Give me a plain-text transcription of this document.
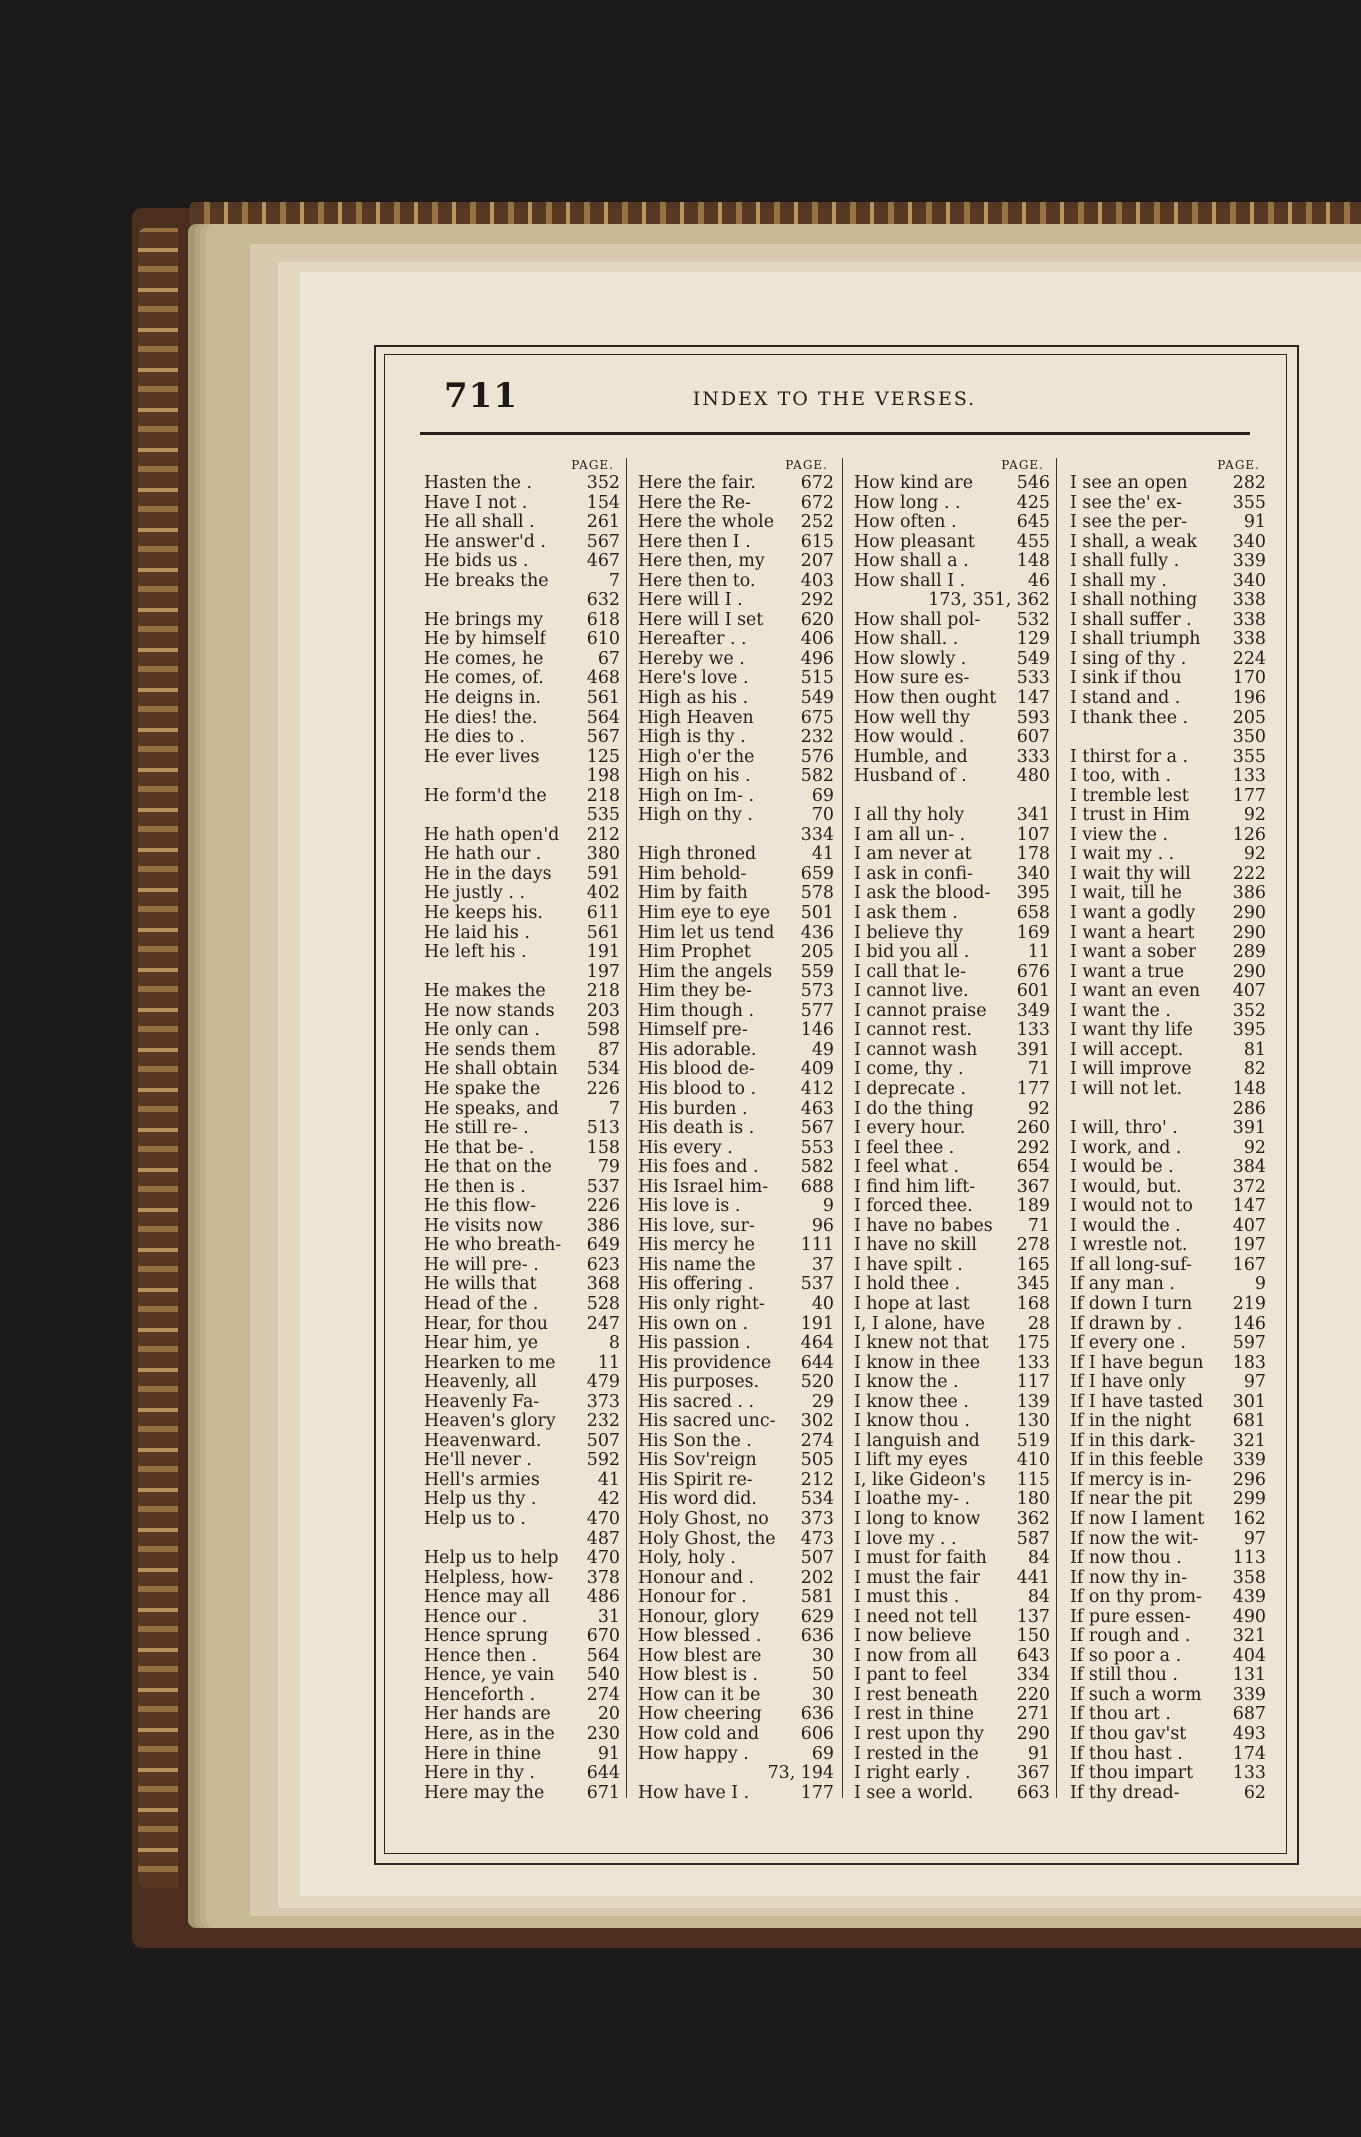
711	INDEX TO THE VERSES.
PAGE.
Hasten the .	352
Have I not .	154
He all shall .	261
He answer'd . 567
He bids us .	467
He breaks the	7
632
He brings my	618
He by himself 610
He comes, he	67
He comes, of. 468
He deigns in.	561
He dies! the.	564
He dies to .	567
He ever lives	125
198
He form'd the 218
535
He hath open'd 212
He hath our .	380
He in the days 591
He justly . .	402
He keeps his.	611
He laid his .	561
He left his .	191
197
He makes the 218
He now stands 203
He only can .	598
He sends them 87
He shall obtain 534
He spake the	226
He speaks, and	7
He still re- .	513
He that be- .	158
He that on the	79
He then is .	537
He this flow-	226
He visits now	386
He who breath- 649
He will pre- .	623
He wills that	368
Head of the .	528
Hear, for thou 247
Hear him, ye	8
Hearken to me 11
Heavenly, all	479
Heavenly Fa-	373
Heaven's glory 232
Heavenward.	507
He'll never .	592
Hell's armies	41
Help us thy .	42
Help us to .	470
487
Help us to help 470
Helpless, how- 378
Hence may all 486
Hence our .	31
Hence sprung 670
Hence then .	564
Hence, ye vain 540
Henceforth .	274
Her hands are	20
Here, as in the 230
Here in thine	91
Here in thy .	644
Here may the 671
PAGE.
Here the fair.	672
Here the Re-	672
Here the whole 252
Here then I .	615
Here then, my 207
Here then to.	403
Here will I .	292
Here will I set 620
Hereafter . .	406
Hereby we .	496
Here's love .	515
High as his .	549
High Heaven	675
High is thy .	232
High o'er the	576
High on his .	582
High on Im- .	69
High on thy .	70
334
High throned	41
Him behold-	659
Him by faith	578
Him eye to eye 501
Him let us tend 436
Him Prophet	205
Him the angels 559
Him they be-	573
Him though .	577
Himself pre-	146
His adorable.	49
His blood de-	409
His blood to .	412
His burden .	463
His death is .	567
His every .	553
His foes and . 582
His Israel him- 688
His love is .	9
His love, sur-	96
His mercy he	111
His name the	37
His offering .	537
His only right-	40
His own on .	191
His passion .	464
His providence 644
His purposes. 520
His sacred . .	29
His sacred unc- 302
His Son the .	274
His Sov'reign	505
His Spirit re-	212
His word did.	534
Holy Ghost, no 373
Holy Ghost, the 473
Holy, holy .	507
Honour and .	202
Honour for .	581
Honour, glory 629
How blessed . 636
How blest are	30
How blest is .	50
How can it be	30
How cheering 636
How cold and 606
How happy .	69
73, 194
How have I .	177
PAGE.
How kind are	546
How long . .	425
How often .	645
How pleasant 455
How shall a .	148
How shall I .	46
173, 351, 362
How shall pol- 532
How shall. .	129
How slowly .	549
How sure es-	533
How then ought 147
How well thy	593
How would .	607
Humble, and	333
Husband of .	480
I all thy holy	341
I am all un- .	107
I am never at	178
I ask in confi-	340
I ask the blood- 395
I ask them .	658
I believe thy	169
I bid you all .	11
I call that le-	676
I cannot live.	601
I cannot praise 349
I cannot rest.	133
I cannot wash 391
I come, thy .	71
I deprecate .	177
I do the thing	92
I every hour.	260
I feel thee .	292
I feel what .	654
I find him lift- 367
I forced thee.	189
I have no babes 71
I have no skill 278
I have spilt .	165
I hold thee .	345
I hope at last	168
I, I alone, have 28
I knew not that 175
I know in thee 133
I know the .	117
I know thee .	139
I know thou .	130
I languish and 519
I lift my eyes	410
I, like Gideon's 115
I loathe my- .	180
I long to know 362
I love my . .	587
I must for faith 84
I must the fair 441
I must this .	84
I need not tell 137
I now believe	150
I now from all 643
I pant to feel	334
I rest beneath 220
I rest in thine 271
I rest upon thy 290
I rested in the	91
I right early .	367
I see a world.	663
PAGE.
I see an open	282
I see the' ex-	355
I see the per-	91
I shall, a weak 340
I shall fully .	339
I shall my .	340
I shall nothing 338
I shall suffer . 338
I shall triumph 338
I sing of thy .	224
I sink if thou	170
I stand and .	196
I thank thee .	205
350
I thirst for a .	355
I too, with .	133
I tremble lest	177
I trust in Him	92
I view the .	126
I wait my . .	92
I wait thy will 222
I wait, till he	386
I want a godly 290
I want a heart 290
I want a sober 289
I want a true	290
I want an even 407
I want the .	352
I want thy life 395
I will accept.	81
I will improve	82
I will not let.	148
286
I will, thro' .	391
I work, and .	92
I would be .	384
I would, but.	372
I would not to 147
I would the .	407
I wrestle not.	197
If all long-suf- 167
If any man .	9
If down I turn 219
If drawn by .	146
If every one .	597
If I have begun 183
If I have only	97
If I have tasted 301
If in the night 681
If in this dark- 321
If in this feeble 339
If mercy is in- 296
If near the pit 299
If now I lament 162
If now the wit-	97
If now thou .	113
If now thy in-	358
If on thy prom- 439
If pure essen- 490
If rough and . 321
If so poor a .	404
If still thou .	131
If such a worm 339
If thou art .	687
If thou gav'st	493
If thou hast .	174
If thou impart 133
If thy dread-	62
